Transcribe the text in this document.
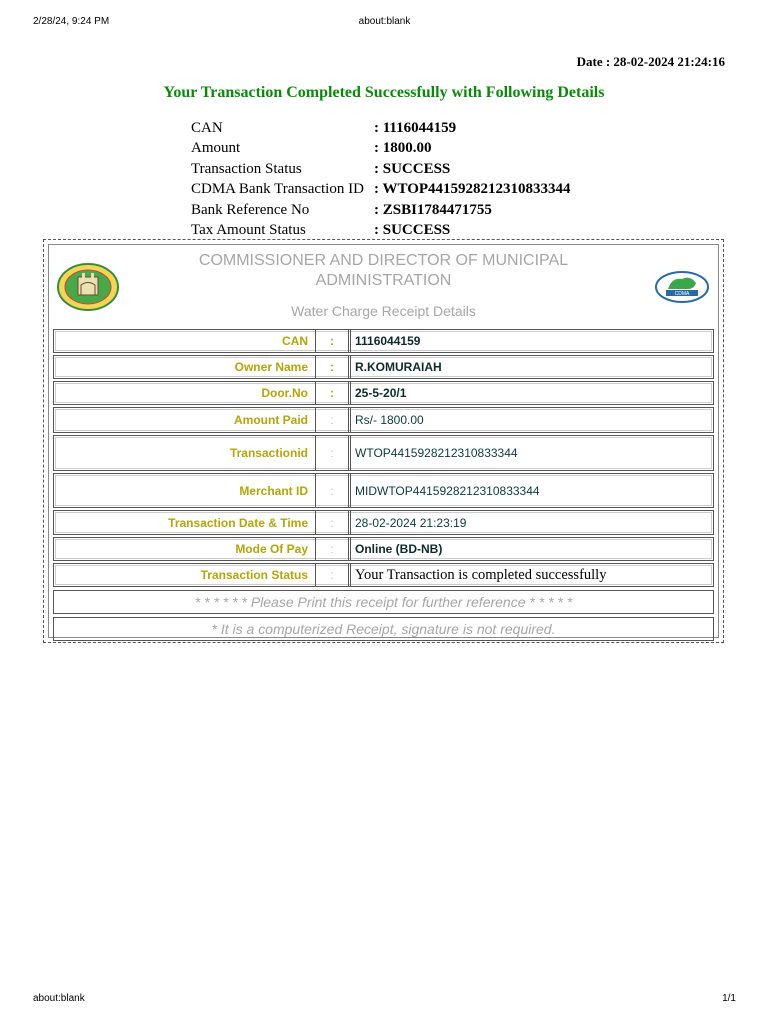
2/28/24, 9:24 PM	about:blank
Date : 28-02-2024 21:24:16
Your Transaction Completed Successfully with Following Details
CAN	: 1116044159
Amount	: 1800.00
Transaction Status	: SUCCESS
CDMA Bank Transaction ID : WTOP4415928212310833344
Bank Reference No	: ZSBI1784471755
Tax Amount Status	: SUCCESS
COMMISSIONER AND DIRECTOR OF MUNICIPAL ADMINISTRATION
CDMA
Water Charge Receipt Details
CAN	:	1116044159
Owner Name	:	R.KOMURAIAH
Door.No	:	25-5-20/1
Amount Paid	:	Rs/- 1800.00
Transactionid	:	WTOP4415928212310833344
Merchant ID	:	MIDWTOP4415928212310833344
Transaction Date & Time	:	28-02-2024 21:23:19
Mode Of Pay	:	Online (BD-NB)
Transaction Status	:	Your Transaction is completed successfully
* * * * * * Please Print this receipt for further reference * * * * *
* It is a computerized Receipt, signature is not required.
about:blank	1/1
